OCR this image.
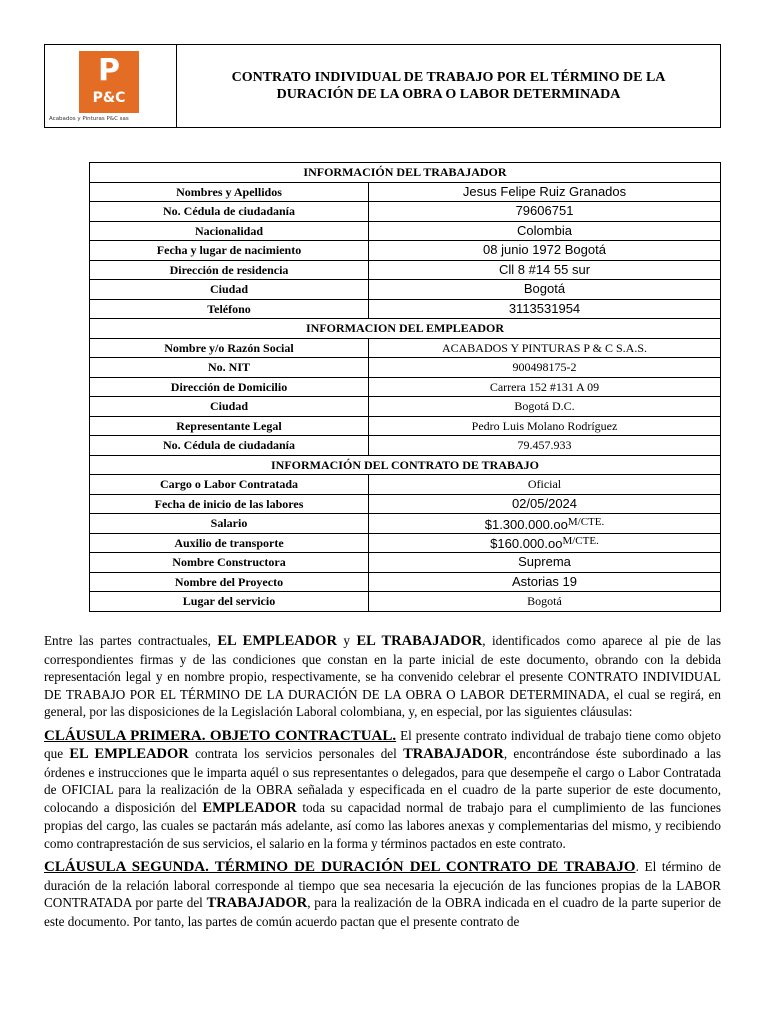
P
P&C
Acabados y Pinturas P&C sas
CONTRATO INDIVIDUAL DE TRABAJO POR EL TÉRMINO DE LA DURACIÓN DE LA OBRA O LABOR DETERMINADA
INFORMACIÓN DEL TRABAJADOR	
Nombres y Apellidos	Jesus Felipe Ruiz Granados
No. Cédula de ciudadanía	79606751
Nacionalidad	Colombia
Fecha y lugar de nacimiento	08 junio 1972 Bogotá
Dirección de residencia	Cll 8 #14 55 sur
Ciudad	Bogotá
Teléfono	3113531954
INFORMACION DEL EMPLEADOR	
Nombre y/o Razón Social	ACABADOS Y PINTURAS P & C S.A.S.
No. NIT	900498175-2
Dirección de Domicilio	Carrera 152 #131 A 09
Ciudad	Bogotá D.C.
Representante Legal	Pedro Luis Molano Rodríguez
No. Cédula de ciudadanía	79.457.933
INFORMACIÓN DEL CONTRATO DE TRABAJO	
Cargo o Labor Contratada	Oficial
Fecha de inicio de las labores	02/05/2024
Salario	$\$1.300.000.oo^{M/CTE.}$
Auxilio de transporte	$\$160.000.oo^{M/CTE.}$
Nombre Constructora	Suprema
Nombre del Proyecto	Astorias 19
Lugar del servicio	Bogotá

Entre las partes contractuales, EL EMPLEADOR y EL TRABAJADOR, identificados como aparece al pie de las correspondientes firmas y de las condiciones que constan en la parte inicial de este documento, obrando con la debida representación legal y en nombre propio, respectivamente, se ha convenido celebrar el presente CONTRATO INDIVIDUAL DE TRABAJO POR EL TÉRMINO DE LA DURACIÓN DE LA OBRA O LABOR DETERMINADA, el cual se regirá, en general, por las disposiciones de la Legislación Laboral colombiana, y, en especial, por las siguientes cláusulas:

CLÁUSULA PRIMERA. OBJETO CONTRACTUAL. El presente contrato individual de trabajo tiene como objeto que EL EMPLEADOR contrata los servicios personales del TRABAJADOR, encontrándose éste subordinado a las órdenes e instrucciones que le imparta aquél o sus representantes o delegados, para que desempeñe el cargo o Labor Contratada de OFICIAL para la realización de la OBRA señalada y especificada en el cuadro de la parte superior de este documento, colocando a disposición del EMPLEADOR toda su capacidad normal de trabajo para el cumplimiento de las funciones propias del cargo, las cuales se pactarán más adelante, así como las labores anexas y complementarias del mismo, y recibiendo como contraprestación de sus servicios, el salario en la forma y términos pactados en este contrato.

CLÁUSULA SEGUNDA. TÉRMINO DE DURACIÓN DEL CONTRATO DE TRABAJO. El término de duración de la relación laboral corresponde al tiempo que sea necesaria la ejecución de las funciones propias de la LABOR CONTRATADA por parte del TRABAJADOR, para la realización de la OBRA indicada en el cuadro de la parte superior de este documento. Por tanto, las partes de común acuerdo pactan que el presente contrato de
